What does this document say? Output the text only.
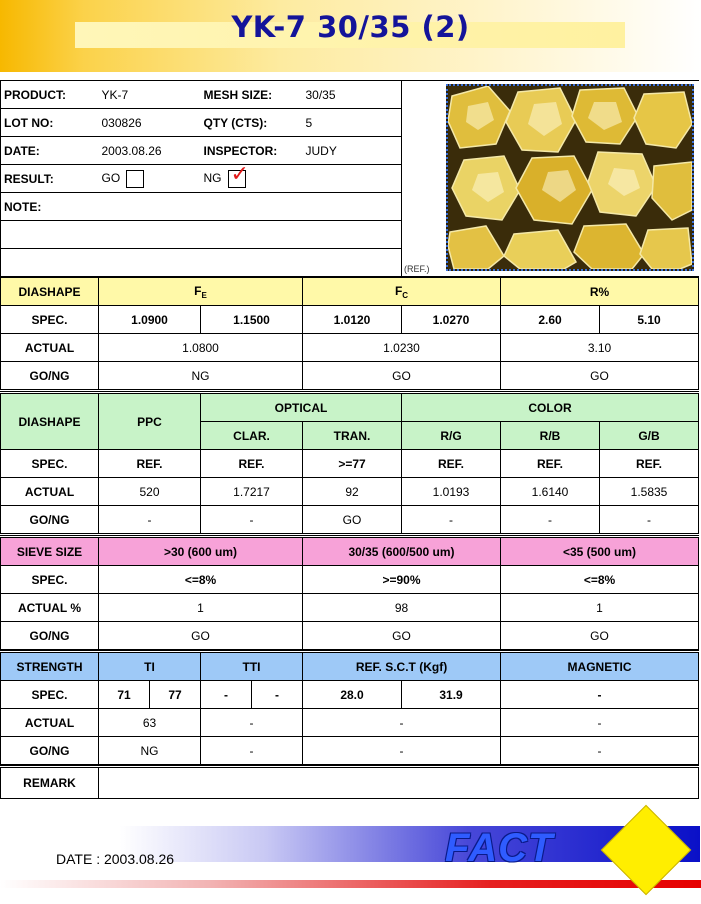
YK-7 30/35 (2)
PRODUCT:	YK-7	MESH SIZE:	30/35	
LOT NO:	030826	QTY (CTS):	5	
DATE:	2003.08.26	INSPECTOR:	JUDY	
RESULT:	GO	NG ✓		

NOTE:				

(REF.)
DIASHAPE	$F_E$		$F_C$		R%	
SPEC.	1.0900	1.1500	1.0120	1.0270	2.60	5.10
ACTUAL	1.0800		1.0230		3.10	
GO/NG	NG		GO		GO	
DIASHAPE	PPC	OPTICAL		COLOR		
		CLAR.	TRAN.	R/G	R/B	G/B
SPEC.	REF.	REF.	>=77	REF.	REF.	REF.
ACTUAL	520	1.7217	92	1.0193	1.6140	1.5835
GO/NG	-	-	GO	-	-	-
SIEVE SIZE	>30 (600 um)	30/35 (600/500 um)	<35 (500 um)
SPEC.	<=8%	>=90%	<=8%
ACTUAL %	1	98	1
GO/NG	GO	GO	GO
STRENGTH	TI		TTI		REF. S.C.T (Kgf)		MAGNETIC
SPEC.	71	77	-	-	28.0	31.9	-
ACTUAL	63		-		-		-
GO/NG	NG		-		-		-
REMARK	
DATE : 2003.08.26	FACT
